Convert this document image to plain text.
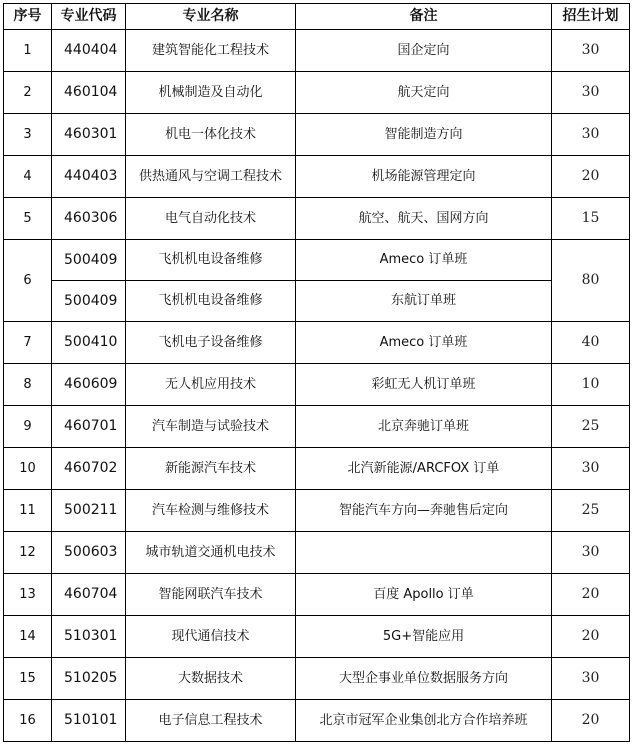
序号	专业代码	专业名称	备注	招生计划
1	440404	建筑智能化工程技术	国企定向	30
2	460104	机械制造及自动化	航天定向	30
3	460301	机电一体化技术	智能制造方向	30
4	440403	供热通风与空调工程技术	机场能源管理定向	20
5	460306	电气自动化技术	航空、航天、国网方向	15
6	500409	飞机机电设备维修	Ameco 订单班	80
	500409	飞机机电设备维修	东航订单班	
7	500410	飞机电子设备维修	Ameco 订单班	40
8	460609	无人机应用技术	彩虹无人机订单班	10
9	460701	汽车制造与试验技术	北京奔驰订单班	25
10	460702	新能源汽车技术	北汽新能源/ARCFOX 订单	30
11	500211	汽车检测与维修技术	智能汽车方向—奔驰售后定向	25
12	500603	城市轨道交通机电技术		30
13	460704	智能网联汽车技术	百度 Apollo 订单	20
14	510301	现代通信技术	5G+智能应用	20
15	510205	大数据技术	大型企事业单位数据服务方向	30
16	510101	电子信息工程技术	北京市冠军企业集创北方合作培养班	20
